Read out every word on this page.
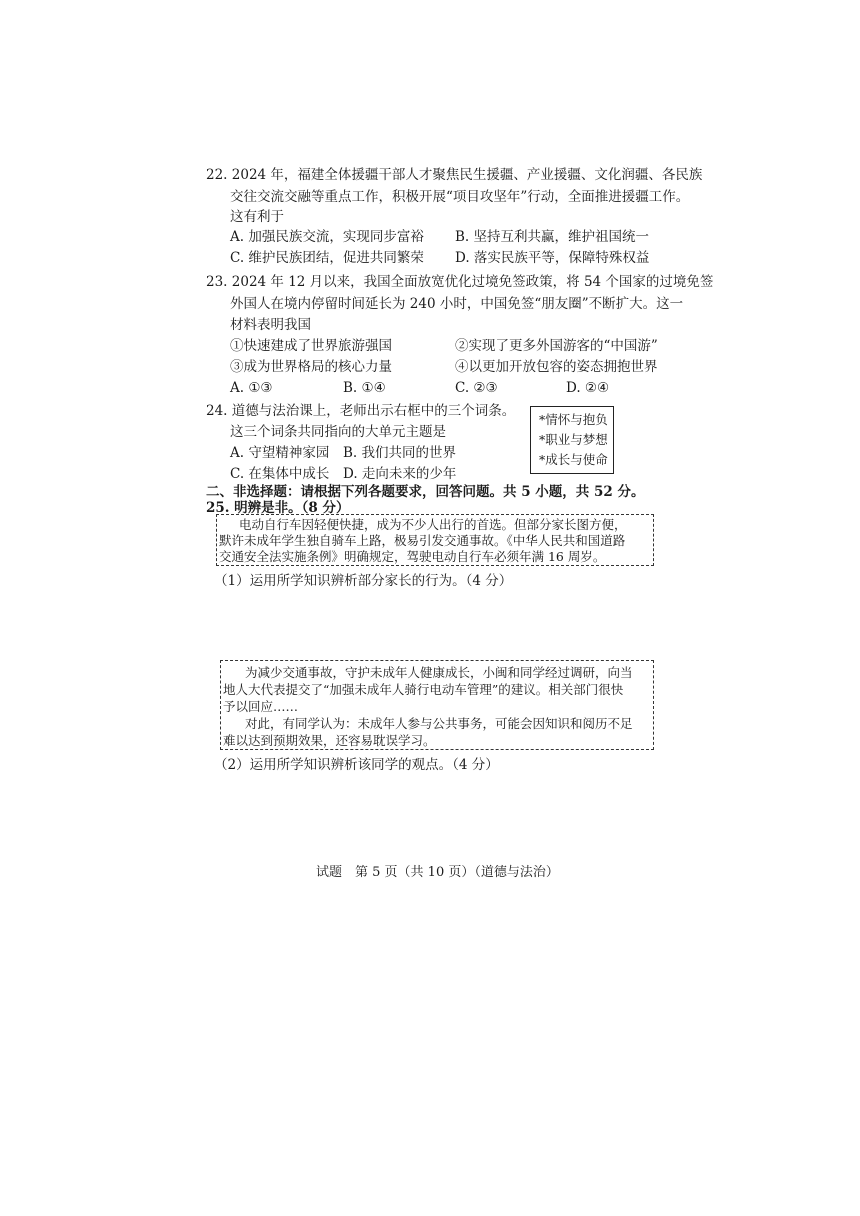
22. 2024 年，福建全体援疆干部人才聚焦民生援疆、产业援疆、文化润疆、各民族
交往交流交融等重点工作，积极开展“项目攻坚年”行动，全面推进援疆工作。
这有利于
A. 加强民族交流，实现同步富裕 B. 坚持互利共赢，维护祖国统一
C. 维护民族团结，促进共同繁荣 D. 落实民族平等，保障特殊权益
23. 2024 年 12 月以来，我国全面放宽优化过境免签政策，将 54 个国家的过境免签
外国人在境内停留时间延长为 240 小时，中国免签“朋友圈”不断扩大。这一
材料表明我国
①快速建成了世界旅游强国	②实现了更多外国游客的“中国游”
③成为世界格局的核心力量	④以更加开放包容的姿态拥抱世界
A. ①③	B. ①④	C. ②③	D. ②④
24. 道德与法治课上，老师出示右框中的三个词条。
这三个词条共同指向的大单元主题是
A. 守望精神家园 B. 我们共同的世界
C. 在集体中成长 D. 走向未来的少年
*情怀与抱负
*职业与梦想
*成长与使命
二、非选择题：请根据下列各题要求，回答问题。共 5 小题，共 52 分。
25. 明辨是非。（8 分）
电动自行车因轻便快捷，成为不少人出行的首选。但部分家长图方便，
默许未成年学生独自骑车上路，极易引发交通事故。《中华人民共和国道路
交通安全法实施条例》明确规定，驾驶电动自行车必须年满 16 周岁。
（1）运用所学知识辨析部分家长的行为。（4 分）
为减少交通事故，守护未成年人健康成长，小闽和同学经过调研，向当
地人大代表提交了“加强未成年人骑行电动车管理”的建议。相关部门很快
予以回应……
对此，有同学认为：未成年人参与公共事务，可能会因知识和阅历不足
难以达到预期效果，还容易耽误学习。
（2）运用所学知识辨析该同学的观点。（4 分）
试题　第 5 页（共 10 页）（道德与法治）
